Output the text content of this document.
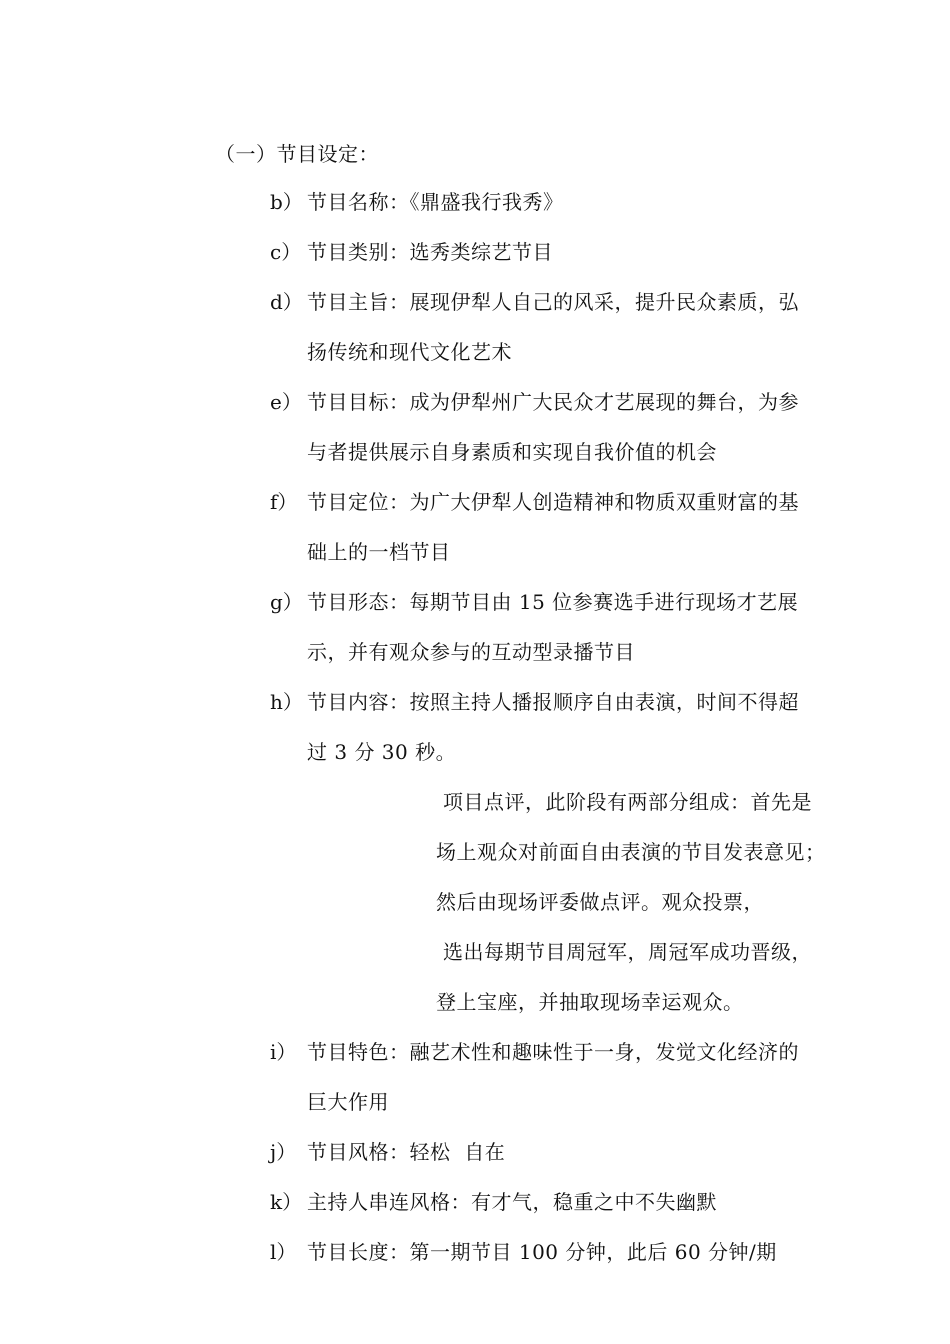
（一）节目设定：
b） 节目名称：《鼎盛我行我秀》
c） 节目类别：选秀类综艺节目
d） 节目主旨：展现伊犁人自己的风采，提升民众素质，弘
扬传统和现代文化艺术
e） 节目目标：成为伊犁州广大民众才艺展现的舞台，为参
与者提供展示自身素质和实现自我价值的机会
f） 节目定位：为广大伊犁人创造精神和物质双重财富的基
础上的一档节目
g） 节目形态：每期节目由 15 位参赛选手进行现场才艺展
示，并有观众参与的互动型录播节目
h） 节目内容：按照主持人播报顺序自由表演，时间不得超
过 3 分 30 秒。
项目点评，此阶段有两部分组成：首先是
场上观众对前面自由表演的节目发表意见；
然后由现场评委做点评。观众投票，
选出每期节目周冠军，周冠军成功晋级，
登上宝座，并抽取现场幸运观众。
i） 节目特色：融艺术性和趣味性于一身，发觉文化经济的
巨大作用
j） 节目风格：轻松  自在
k） 主持人串连风格：有才气，稳重之中不失幽默
l） 节目长度：第一期节目 100 分钟，此后 60 分钟/期
